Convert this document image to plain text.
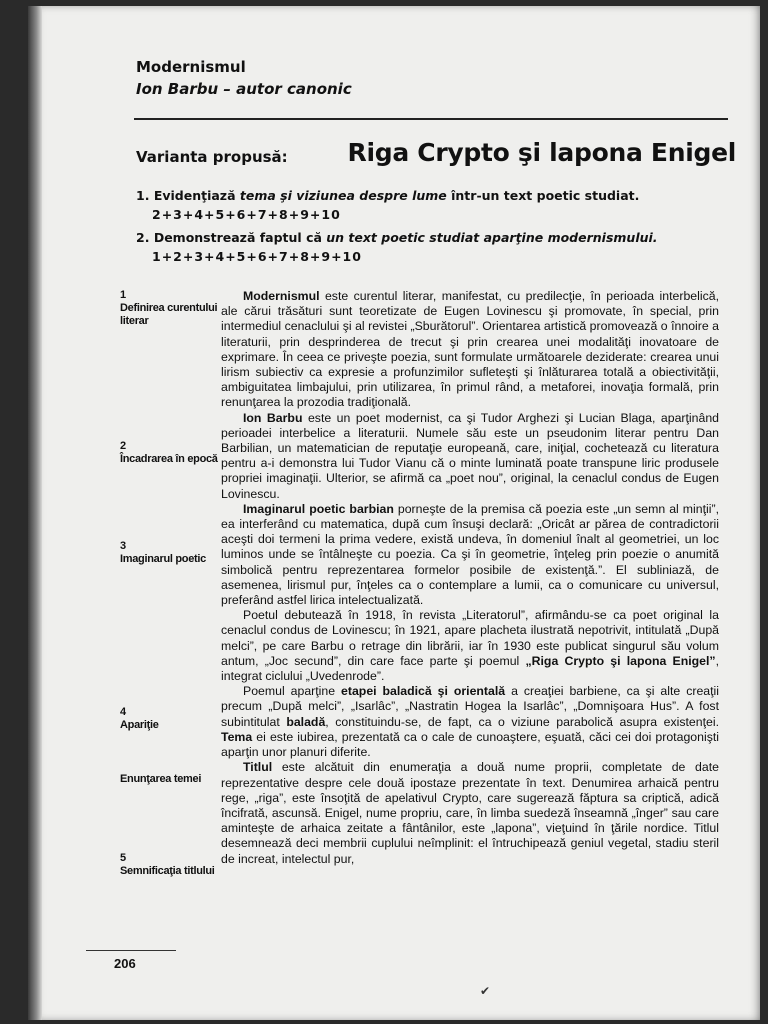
Modernismul
Ion Barbu – autor canonic
Varianta propusă: Riga Crypto şi lapona Enigel
1. Evidenţiază tema şi viziunea despre lume într-un text poetic studiat.
2+3+4+5+6+7+8+9+10
2. Demonstrează faptul că un text poetic studiat aparţine modernismului.
1+2+3+4+5+6+7+8+9+10
1
Definirea curentului literar
2
Încadrarea în epocă
3
Imaginarul poetic
4
Apariţie
Enunţarea temei
5
Semnificaţia titlului

Modernismul este curentul literar, manifestat, cu predilecţie, în perioada interbelică, ale cărui trăsături sunt teoretizate de Eugen Lovinescu şi promovate, în special, prin intermediul cenaclului şi al revistei „Sburătorul”. Orientarea artistică promovează o înnoire a literaturii, prin desprinderea de trecut şi prin crearea unei modalităţi inovatoare de exprimare. În ceea ce priveşte poezia, sunt formulate următoarele deziderate: crearea unui lirism subiectiv ca expresie a profunzimilor sufleteşti şi înlăturarea totală a obiectivităţii, ambiguitatea limbajului, prin utilizarea, în primul rând, a metaforei, inovaţia formală, prin renunţarea la prozodia tradiţională.

Ion Barbu este un poet modernist, ca şi Tudor Arghezi şi Lucian Blaga, aparţinând perioadei interbelice a literaturii. Numele său este un pseudonim literar pentru Dan Barbilian, un matematician de reputaţie europeană, care, iniţial, cochetează cu literatura pentru a-i demonstra lui Tudor Vianu că o minte luminată poate transpune liric produsele propriei imaginaţii. Ulterior, se afirmă ca „poet nou”, original, la cenaclul condus de Eugen Lovinescu.

Imaginarul poetic barbian porneşte de la premisa că poezia este „un semn al minţii”, ea interferând cu matematica, după cum însuşi declară: „Oricât ar părea de contradictorii aceşti doi termeni la prima vedere, există undeva, în domeniul înalt al geometriei, un loc luminos unde se întâlneşte cu poezia. Ca şi în geometrie, înţeleg prin poezie o anumită simbolică pentru reprezentarea formelor posibile de existenţă.”. El subliniază, de asemenea, lirismul pur, înţeles ca o contemplare a lumii, ca o comunicare cu universul, preferând astfel lirica intelectualizată.

Poetul debutează în 1918, în revista „Literatorul”, afirmându-se ca poet original la cenaclul condus de Lovinescu; în 1921, apare placheta ilustrată nepotrivit, intitulată „După melci”, pe care Barbu o retrage din librării, iar în 1930 este publicat singurul său volum antum, „Joc secund”, din care face parte şi poemul „Riga Crypto şi lapona Enigel”, integrat ciclului „Uvedenrode”.

Poemul aparţine etapei baladică şi orientală a creaţiei barbiene, ca şi alte creaţii precum „După melci”, „Isarlâc”, „Nastratin Hogea la Isarlâc”, „Domnişoara Hus”. A fost subintitulat baladă, constituindu-se, de fapt, ca o viziune parabolică asupra existenţei. Tema ei este iubirea, prezentată ca o cale de cunoaştere, eşuată, căci cei doi protagonişti aparţin unor planuri diferite.

Titlul este alcătuit din enumeraţia a două nume proprii, completate de date reprezentative despre cele două ipostaze prezentate în text. Denumirea arhaică pentru rege, „riga”, este însoţită de apelativul Crypto, care sugerează făptura sa criptică, adică încifrată, ascunsă. Enigel, nume propriu, care, în limba suedeză înseamnă „înger” sau care aminteşte de arhaica zeitate a fântânilor, este „lapona”, vieţuind în ţările nordice. Titlul desemnează deci membrii cuplului neîmplinit: el întruchipează geniul vegetal, stadiu steril de increat, intelectul pur,

206
✔
